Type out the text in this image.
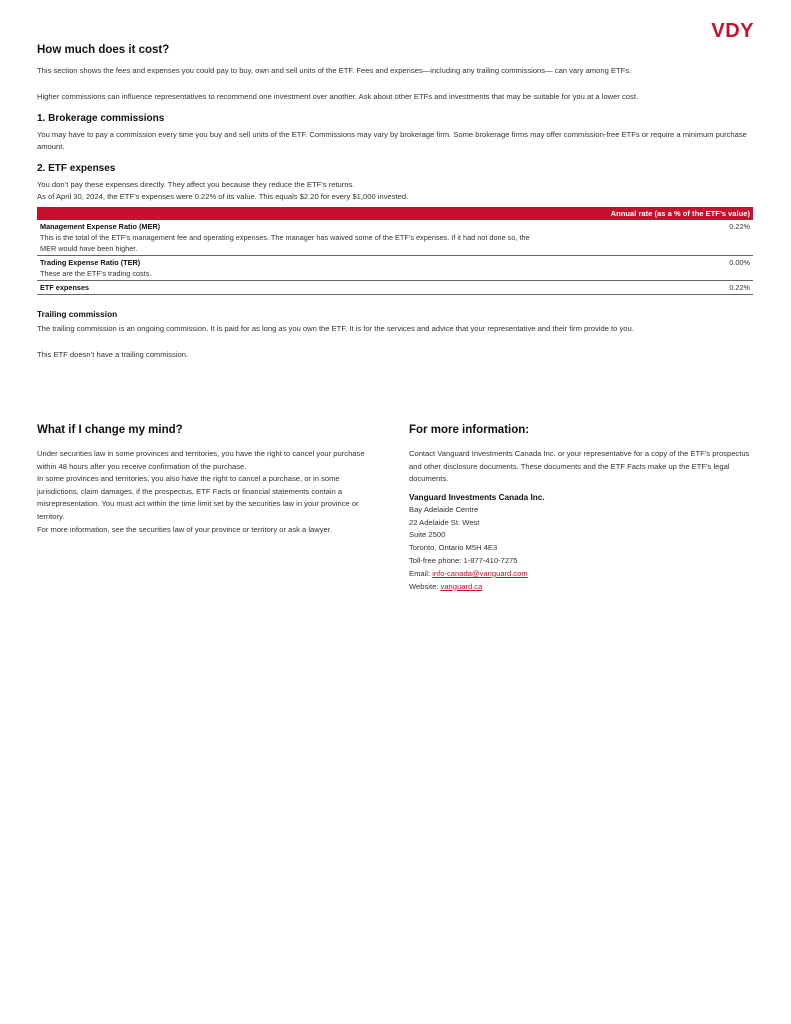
VDY
How much does it cost?

This section shows the fees and expenses you could pay to buy, own and sell units of the ETF. Fees and expenses—including any trailing commissions— can vary among ETFs.

Higher commissions can influence representatives to recommend one investment over another. Ask about other ETFs and investments that may be suitable for you at a lower cost.

1. Brokerage commissions

You may have to pay a commission every time you buy and sell units of the ETF. Commissions may vary by brokerage firm. Some brokerage firms may offer commission-free ETFs or require a minimum purchase amount.

2. ETF expenses

You don’t pay these expenses directly. They affect you because they reduce the ETF’s returns.

As of April 30, 2024, the ETF’s expenses were 0.22% of its value. This equals $2.20 for every $1,000 invested.

Annual rate (as a % of the ETF’s value)	

Management Expense Ratio (MER)
This is the total of the ETF’s management fee and operating expenses. The manager has waived some of the ETF’s expenses. If it had not done so, the MER would have been higher.	0.22%

Trading Expense Ratio (TER)
These are the ETF’s trading costs.	0.00%

ETF expenses	0.22%
Trailing commission

The trailing commission is an ongoing commission. It is paid for as long as you own the ETF. It is for the services and advice that your representative and their firm provide to you.

This ETF doesn’t have a trailing commission.

What if I change my mind?

Under securities law in some provinces and territories, you have the right to cancel your purchase within 48 hours after you receive confirmation of the purchase.

In some provinces and territories, you also have the right to cancel a purchase, or in some jurisdictions, claim damages, if the prospectus, ETF Facts or financial statements contain a misrepresentation. You must act within the time limit set by the securities law in your province or territory.

For more information, see the securities law of your province or territory or ask a lawyer.

For more information:

Contact Vanguard Investments Canada Inc. or your representative for a copy of the ETF’s prospectus and other disclosure documents. These documents and the ETF Facts make up the ETF’s legal documents.

Vanguard Investments Canada Inc.
Bay Adelaide Centre
22 Adelaide St. West
Suite 2500
Toronto, Ontario M5H 4E3
Toll-free phone: 1-877-410-7275
Email: info-canada@vanguard.com
Website: vanguard.ca
